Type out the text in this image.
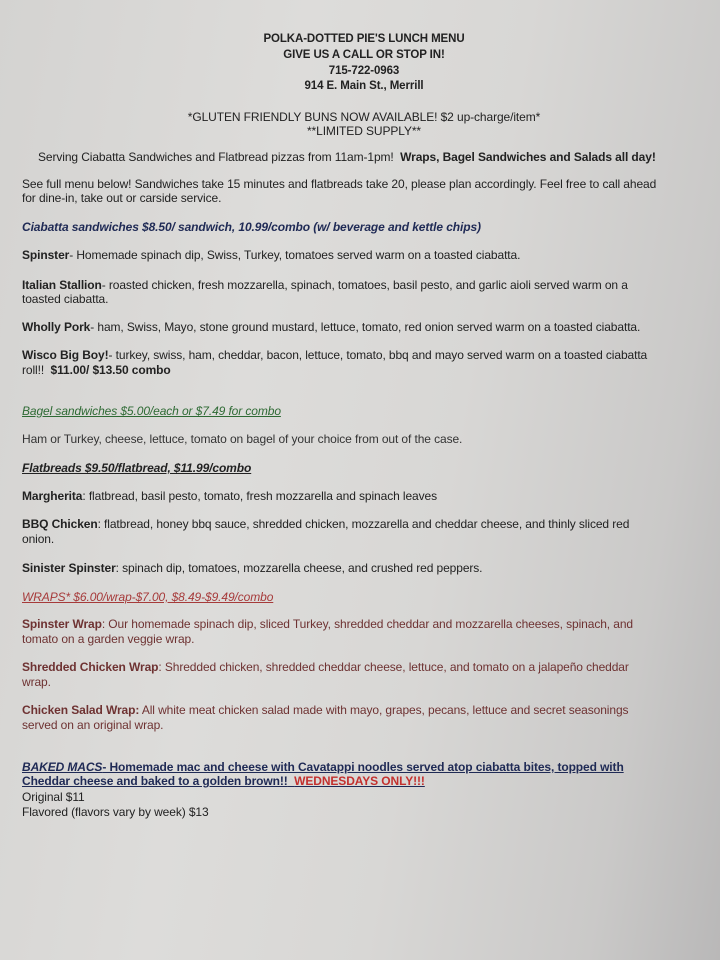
POLKA-DOTTED PIE'S LUNCH MENU
GIVE US A CALL OR STOP IN!
715-722-0963
914 E. Main St., Merrill
*GLUTEN FRIENDLY BUNS NOW AVAILABLE! $2 up-charge/item*
**LIMITED SUPPLY**
Serving Ciabatta Sandwiches and Flatbread pizzas from 11am-1pm! Wraps, Bagel Sandwiches and Salads all day!
See full menu below! Sandwiches take 15 minutes and flatbreads take 20, please plan accordingly. Feel free to call ahead
for dine-in, take out or carside service.
Ciabatta sandwiches $8.50/ sandwich, 10.99/combo (w/ beverage and kettle chips)
Spinster- Homemade spinach dip, Swiss, Turkey, tomatoes served warm on a toasted ciabatta.
Italian Stallion- roasted chicken, fresh mozzarella, spinach, tomatoes, basil pesto, and garlic aioli served warm on a
toasted ciabatta.
Wholly Pork- ham, Swiss, Mayo, stone ground mustard, lettuce, tomato, red onion served warm on a toasted ciabatta.
Wisco Big Boy!- turkey, swiss, ham, cheddar, bacon, lettuce, tomato, bbq and mayo served warm on a toasted ciabatta
roll!! $11.00/ $13.50 combo
Bagel sandwiches $5.00/each or $7.49 for combo
Ham or Turkey, cheese, lettuce, tomato on bagel of your choice from out of the case.
Flatbreads $9.50/flatbread, $11.99/combo
Margherita: flatbread, basil pesto, tomato, fresh mozzarella and spinach leaves
BBQ Chicken: flatbread, honey bbq sauce, shredded chicken, mozzarella and cheddar cheese, and thinly sliced red
onion.
Sinister Spinster: spinach dip, tomatoes, mozzarella cheese, and crushed red peppers.
WRAPS* $6.00/wrap-$7.00, $8.49-$9.49/combo
Spinster Wrap: Our homemade spinach dip, sliced Turkey, shredded cheddar and mozzarella cheeses, spinach, and
tomato on a garden veggie wrap.
Shredded Chicken Wrap: Shredded chicken, shredded cheddar cheese, lettuce, and tomato on a jalapeño cheddar
wrap.
Chicken Salad Wrap: All white meat chicken salad made with mayo, grapes, pecans, lettuce and secret seasonings
served on an original wrap.
BAKED MACS- Homemade mac and cheese with Cavatappi noodles served atop ciabatta bites, topped with
Cheddar cheese and baked to a golden brown!! WEDNESDAYS ONLY!!!
Original $11
Flavored (flavors vary by week) $13
